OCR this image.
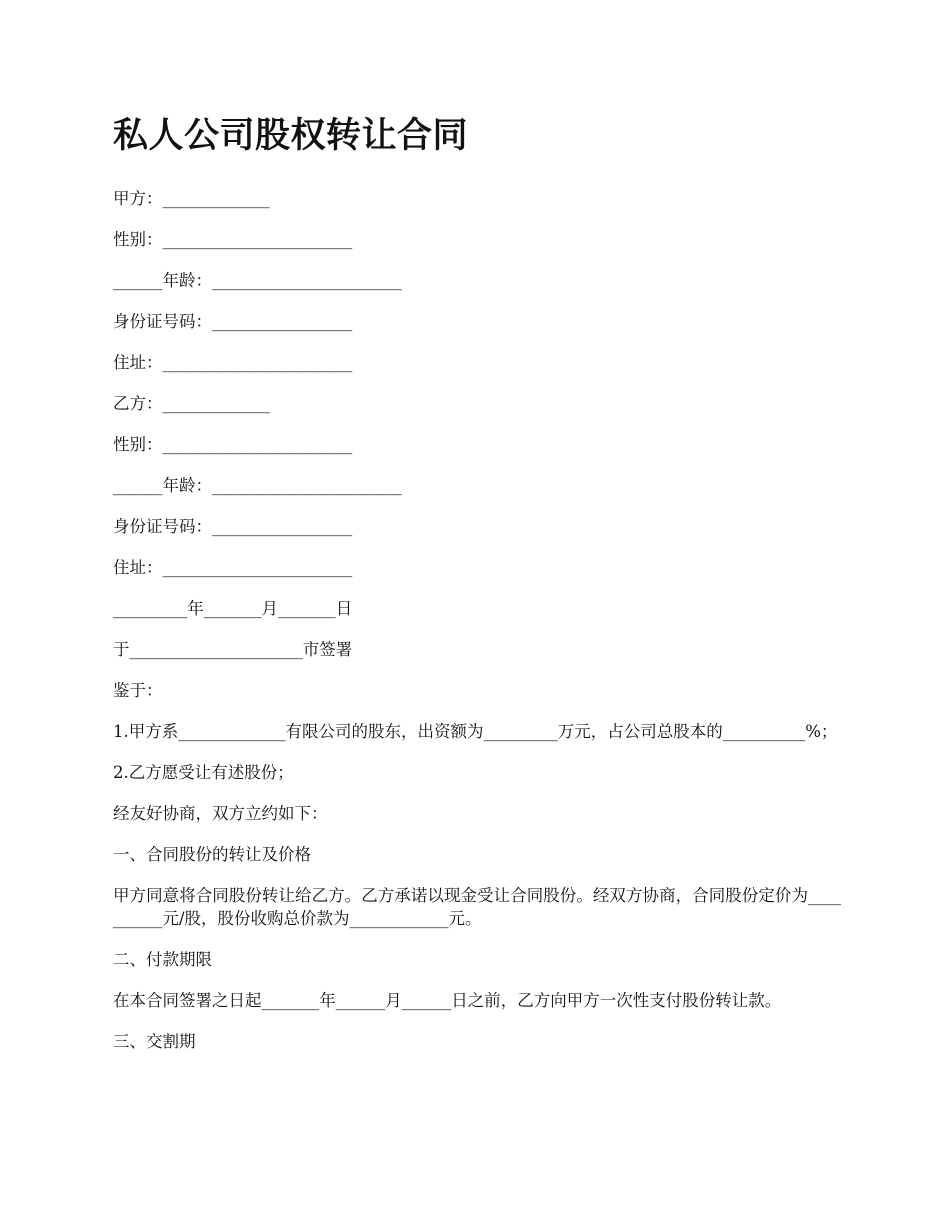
私人公司股权转让合同
甲方：_____________
性别：_______________________
______年龄：_______________________
身份证号码：_________________
住址：_______________________
乙方：_____________
性别：_______________________
______年龄：_______________________
身份证号码：_________________
住址：_______________________
_________年_______月_______日
于_____________________市签署
鉴于：
1.甲方系_____________有限公司的股东，出资额为_________万元，占公司总股本的__________%；
2.乙方愿受让有述股份；
经友好协商，双方立约如下：
一、合同股份的转让及价格
甲方同意将合同股份转让给乙方。乙方承诺以现金受让合同股份。经双方协商，合同股份定价为__________元/股，股份收购总价款为____________元。
二、付款期限
在本合同签署之日起_______年______月______日之前，乙方向甲方一次性支付股份转让款。
三、交割期
